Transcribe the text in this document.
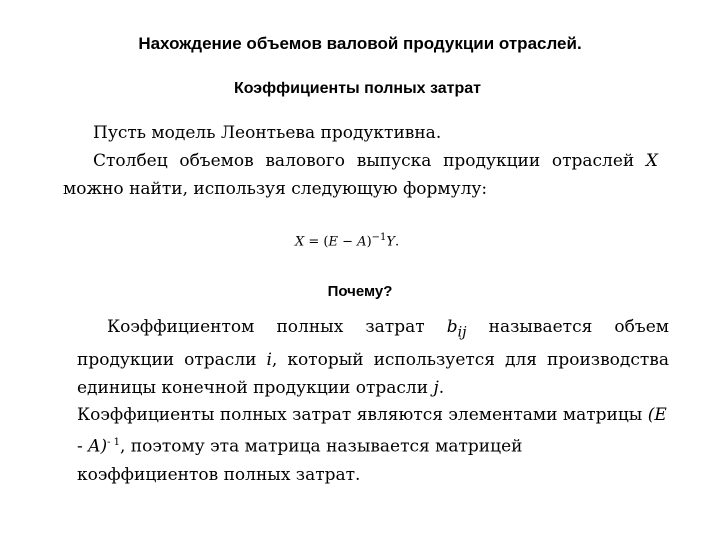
Нахождение объемов валовой продукции отраслей.
Коэффициенты полных затрат

Пусть модель Леонтьева продуктивна.

Столбец объемов валового выпуска продукции отраслей X можно найти, используя следующую формулу:

$X = (E - A)^{-1}Y$.
Почему?

Коэффициентом полных затрат $b_{ij}$ называется объем продукции отрасли i, который используется для производства единицы конечной продукции отрасли j.

Коэффициенты полных затрат являются элементами матрицы (E - A)$^{- 1}$, поэтому эта матрица называется матрицей коэффициентов полных затрат.
